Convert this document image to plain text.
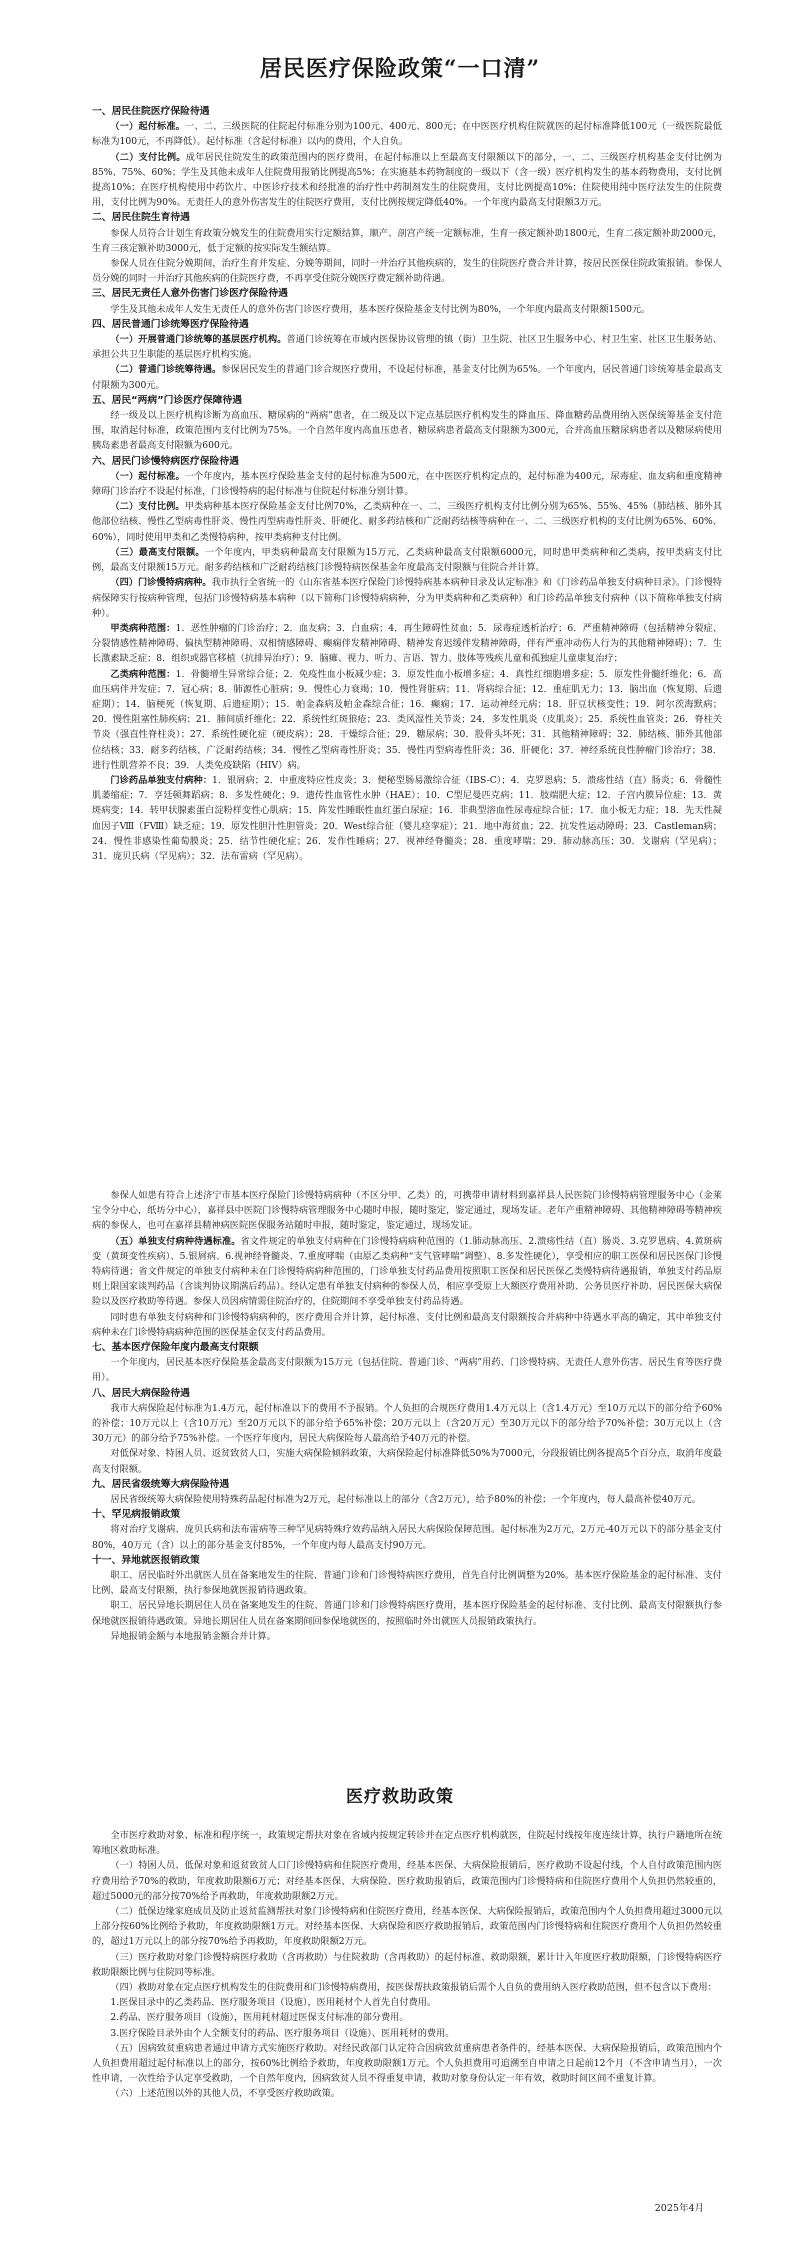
居民医疗保险政策“一口清”
一、居民住院医疗保险待遇

（一）起付标准。一、二、三级医院的住院起付标准分别为100元、400元、800元；在中医医疗机构住院就医的起付标准降低100元（一级医院最低标准为100元，不再降低）。起付标准（含起付标准）以内的费用，个人自负。

（二）支付比例。成年居民住院发生的政策范围内的医疗费用，在起付标准以上至最高支付限额以下的部分，一、二、三级医疗机构基金支付比例为85%、75%、60%；学生及其他未成年人住院费用报销比例提高5%；在实施基本药物制度的一级以下（含一级）医疗机构发生的基本药物费用，支付比例提高10%；在医疗机构使用中药饮片、中医诊疗技术和经批准的治疗性中药制剂发生的住院费用，支付比例提高10%；住院使用纯中医疗法发生的住院费用，支付比例为90%。无责任人的意外伤害发生的住院医疗费用，支付比例按规定降低40%。一个年度内最高支付限额3万元。

二、居民住院生育待遇

参保人员符合计划生育政策分娩发生的住院费用实行定额结算，顺产、剖宫产统一定额标准，生育一孩定额补助1800元，生育二孩定额补助2000元，生育三孩定额补助3000元，低于定额的按实际发生额结算。

参保人员在住院分娩期间，治疗生育并发症、分娩等期间，同时一并治疗其他疾病的，发生的住院医疗费合并计算，按居民医保住院政策报销。参保人员分娩的同时一并治疗其他疾病的住院医疗费，不再享受住院分娩医疗费定额补助待遇。

三、居民无责任人意外伤害门诊医疗保险待遇

学生及其他未成年人发生无责任人的意外伤害门诊医疗费用，基本医疗保险基金支付比例为80%，一个年度内最高支付限额1500元。

四、居民普通门诊统筹医疗保险待遇

（一）开展普通门诊统筹的基层医疗机构。普通门诊统筹在市域内医保协议管理的镇（街）卫生院、社区卫生服务中心、村卫生室、社区卫生服务站、承担公共卫生职能的基层医疗机构实施。

（二）普通门诊统筹待遇。参保居民发生的普通门诊合规医疗费用，不设起付标准，基金支付比例为65%。一个年度内，居民普通门诊统筹基金最高支付限额为300元。

五、居民“两病”门诊医疗保障待遇

经一级及以上医疗机构诊断为高血压、糖尿病的“两病”患者，在二级及以下定点基层医疗机构发生的降血压、降血糖药品费用纳入医保统筹基金支付范围，取消起付标准，政策范围内支付比例为75%。一个自然年度内高血压患者、糖尿病患者最高支付限额为300元，合并高血压糖尿病患者以及糖尿病使用胰岛素患者最高支付限额为600元。

六、居民门诊慢特病医疗保险待遇

（一）起付标准。一个年度内，基本医疗保险基金支付的起付标准为500元，在中医医疗机构定点的，起付标准为400元，尿毒症、血友病和重度精神障碍门诊治疗不设起付标准，门诊慢特病的起付标准与住院起付标准分别计算。

（二）支付比例。甲类病种基本医疗保险基金支付比例70%，乙类病种在一、二、三级医疗机构支付比例分别为65%、55%、45%（肺结核、肺外其他部位结核、慢性乙型病毒性肝炎、慢性丙型病毒性肝炎、肝硬化、耐多药结核和广泛耐药结核等病种在一、二、三级医疗机构的支付比例为65%、60%、60%），同时使用甲类和乙类慢特病种，按甲类病种支付比例。

（三）最高支付限额。一个年度内，甲类病种最高支付限额为15万元，乙类病种最高支付限额6000元，同时患甲类病种和乙类病，按甲类病支付比例，最高支付限额15万元。耐多药结核和广泛耐药结核门诊慢特病医保基金年度最高支付限额与住院合并计算。

（四）门诊慢特病病种。我市执行全省统一的《山东省基本医疗保险门诊慢特病基本病种目录及认定标准》和《门诊药品单独支付病种目录》。门诊慢特病保障实行按病种管理，包括门诊慢特病基本病种（以下简称门诊慢特病病种，分为甲类病种和乙类病种）和门诊药品单独支付病种（以下简称单独支付病种）。

甲类病种范围：1．恶性肿瘤的门诊治疗；2．血友病；3．白血病；4．再生障碍性贫血；5．尿毒症透析治疗；6．严重精神障碍（包括精神分裂症、分裂情感性精神障碍、偏执型精神障碍、双相情感障碍、癫痫伴发精神障碍、精神发育迟缓伴发精神障碍，伴有严重冲动伤人行为的其他精神障碍）；7．生长激素缺乏症；8．组织或器官移植（抗排异治疗）；9．脑瘫、视力、听力、言语、智力、肢体等残疾儿童和孤独症儿童康复治疗；

乙类病种范围：1．骨髓增生异常综合征；2．免疫性血小板减少症；3．原发性血小板增多症；4．真性红细胞增多症；5．原发性骨髓纤维化；6．高血压病伴并发症；7．冠心病；8．肺源性心脏病；9．慢性心力衰竭；10．慢性肾脏病；11．肾病综合征；12．重症肌无力；13．脑出血（恢复期、后遗症期）；14．脑梗死（恢复期、后遗症期）；15．帕金森病及帕金森综合征；16．癫痫；17．运动神经元病；18．肝豆状核变性；19．阿尔茨海默病；20．慢性阻塞性肺疾病；21．肺间质纤维化；22．系统性红斑狼疮；23．类风湿性关节炎；24．多发性肌炎（皮肌炎）；25．系统性血管炎；26．脊柱关节炎（强直性脊柱炎）；27．系统性硬化症（硬皮病）；28．干燥综合征；29．糖尿病；30．股骨头坏死；31．其他精神障碍；32．肺结核、肺外其他部位结核；33．耐多药结核、广泛耐药结核；34．慢性乙型病毒性肝炎；35．慢性丙型病毒性肝炎；36．肝硬化；37．神经系统良性肿瘤门诊治疗；38．进行性肌营养不良；39．人类免疫缺陷（HIV）病。

门诊药品单独支付病种：1．银屑病；2．中重度特应性皮炎；3．便秘型肠易激综合征（IBS-C）；4．克罗恩病；5．溃疡性结（直）肠炎；6．骨髓性肌萎缩症；7．亨廷顿舞蹈病；8．多发性硬化；9．遗传性血管性水肿（HAE）；10．C型尼曼匹克病；11．肢端肥大症；12．子宫内膜异位症；13．黄斑病变；14．转甲状腺素蛋白淀粉样变性心肌病；15．阵发性睡眠性血红蛋白尿症；16．非典型溶血性尿毒症综合征；17．血小板无力症；18．先天性凝血因子Ⅷ（FⅧ）缺乏症；19．原发性胆汁性胆管炎；20．West综合征（婴儿痉挛症）；21．地中海贫血；22．抗发性运动障碍；23．Castleman病；24．慢性非感染性葡萄膜炎；25．结节性硬化症；26．发作性睡病；27．视神经脊髓炎；28．重度哮喘；29．肺动脉高压；30．戈谢病（罕见病）；31．庞贝氏病（罕见病）；32．法布雷病（罕见病）。

参保人如患有符合上述济宁市基本医疗保险门诊慢特病病种（不区分甲、乙类）的，可携带申请材料到嘉祥县人民医院门诊慢特病管理服务中心（金莱宝令分中心，纸坊分中心），嘉祥县中医院门诊慢特病管理服务中心随时申报，随时鉴定，鉴定通过，现场发证。老年产重精神障碍、其他精神障碍等精神疾病的参保人，也可在嘉祥县精神病医院医保服务站随时申报，随时鉴定，鉴定通过，现场发证。

（五）单独支付病种待遇标准。省文件规定的单独支付病种在门诊慢特病病种范围的（1.肺动脉高压、2.溃疡性结（直）肠炎、3.克罗恩病、4.黄斑病变（黄斑变性疾病）、5.银屑病、6.视神经脊髓炎、7.重度哮喘（由原乙类病种“支气管哮喘”调整）、8.多发性硬化），享受相应的职工医保和居民医保门诊慢特病待遇；省文件规定的单独支付病种未在门诊慢特病病种范围的，门诊单独支付药品费用按照职工医保和居民医保乙类慢特病待遇报销，单独支付药品原则上限国家谈判药品（含谈判协议期满后药品）。经认定患有单独支付病种的参保人员，相应享受原上大额医疗费用补助、公务员医疗补助、居民医保大病保险以及医疗救助等待遇。参保人员因病情需住院治疗的，住院期间不享受单独支付药品待遇。

同时患有单独支付病种和门诊慢特病病种的，医疗费用合并计算，起付标准、支付比例和最高支付限额按合并病种中待遇水平高的确定，其中单独支付病种未在门诊慢特病病种范围的医保基金仅支付药品费用。

七、基本医疗保险年度内最高支付限额

一个年度内，居民基本医疗保险基金最高支付限额为15万元（包括住院、普通门诊、“两病”用药、门诊慢特病、无责任人意外伤害、居民生育等医疗费用）。

八、居民大病保险待遇

我市大病保险起付标准为1.4万元，起付标准以下的费用不予报销。个人负担的合规医疗费用1.4万元以上（含1.4万元）至10万元以下的部分给予60%的补偿；10万元以上（含10万元）至20万元以下的部分给予65%补偿；20万元以上（含20万元）至30万元以下的部分给予70%补偿；30万元以上（含30万元）的部分给予75%补偿。一个医疗年度内，居民大病保险每人最高给予40万元的补偿。

对低保对象、特困人员、返贫致贫人口，实施大病保险倾斜政策，大病保险起付标准降低50%为7000元，分段报销比例各提高5个百分点，取消年度最高支付限额。

九、居民省级统筹大病保险待遇

居民省级统筹大病保险使用特殊药品起付标准为2万元，起付标准以上的部分（含2万元），给予80%的补偿；一个年度内，每人最高补偿40万元。

十、罕见病报销政策

将对治疗戈谢病、庞贝氏病和法布雷病等三种罕见病特殊疗效药品纳入居民大病保险保障范围。起付标准为2万元，2万元-40万元以下的部分基金支付80%，40万元（含）以上的部分基金支付85%，一个年度内每人最高支付90万元。

十一、异地就医报销政策

职工、居民临时外出就医人员在备案地发生的住院、普通门诊和门诊慢特病医疗费用，首先自付比例调整为20%。基本医疗保险基金的起付标准、支付比例、最高支付限额，执行参保地就医报销待遇政策。

职工、居民异地长期居住人员在备案地发生的住院、普通门诊和门诊慢特病医疗费用，基本医疗保险基金的起付标准、支付比例、最高支付限额执行参保地就医报销待遇政策。异地长期居住人员在备案期间回参保地就医的，按照临时外出就医人员报销政策执行。

异地报销金额与本地报销金额合并计算。

医疗救助政策

全市医疗救助对象、标准和程序统一，政策规定帮扶对象在省域内按规定转诊并在定点医疗机构就医，住院起付线按年度连续计算，执行户籍地所在统筹地区救助标准。

（一）特困人员、低保对象和返贫致贫人口门诊慢特病和住院医疗费用，经基本医保、大病保险报销后，医疗救助不设起付线，个人自付政策范围内医疗费用给予70%的救助，年度救助限额6万元；对经基本医保、大病保险、医疗救助报销后，政策范围内门诊慢特病和住院医疗费用个人负担仍然较重的，超过5000元的部分按70%给予再救助，年度救助限额2万元。

（二）低保边缘家庭成员及防止返贫监测帮扶对象门诊慢特病和住院医疗费用，经基本医保、大病保险报销后，政策范围内个人负担费用超过3000元以上部分按60%比例给予救助，年度救助限额1万元。对经基本医保、大病保险和医疗救助报销后，政策范围内门诊慢特病和住院医疗费用个人负担仍然较重的，超过1万元以上的部分按70%给予再救助，年度救助限额2万元。

（三）医疗救助对象门诊慢特病医疗救助（含再救助）与住院救助（含再救助）的起付标准、救助限额，累计计入年度医疗救助限额，门诊慢特病医疗救助限额比例与住院同等标准。

（四）救助对象在定点医疗机构发生的住院费用和门诊慢特病费用，按医保帮扶政策报销后需个人自负的费用纳入医疗救助范围，但不包含以下费用：

1.医保目录中的乙类药品、医疗服务项目（设施），医用耗材个人首先自付费用。

2.药品、医疗服务项目（设施），医用耗材超过医保支付标准的部分费用。

3.医疗保险目录外由个人全额支付的药品、医疗服务项目（设施）、医用耗材的费用。

（五）因病致贫重病患者通过申请方式实施医疗救助。对经民政部门认定符合因病致贫重病患者条件的，经基本医保、大病保险报销后，政策范围内个人负担费用超过起付标准以上的部分，按60%比例给予救助，年度救助限额1万元。个人负担费用可追溯至自申请之日起前12个月（不含申请当月），一次性申请，一次性给予认定享受救助，一个自然年度内，因病致贫人员不得重复申请，救助对象身份认定一年有效，救助时间区间不重复计算。

（六）上述范围以外的其他人员，不享受医疗救助政策。

2025年4月
